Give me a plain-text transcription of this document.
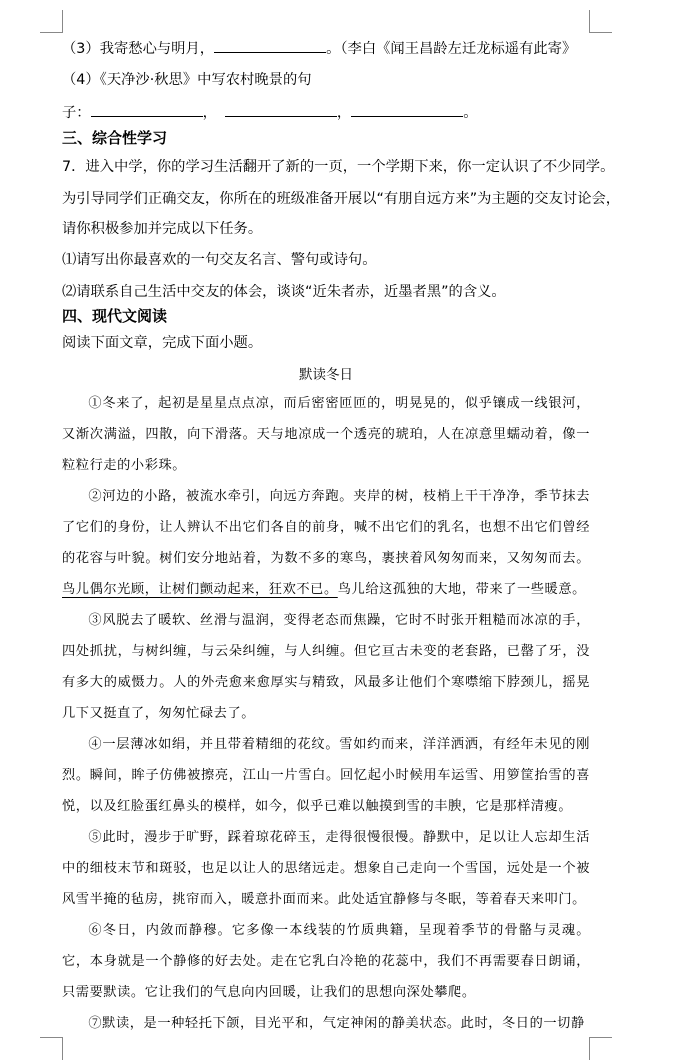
（3）我寄愁心与明月，	。（李白《闻王昌龄左迁龙标遥有此寄》
（4）《天净沙·秋思》中写农村晚景的句
子：	，	，	。
三、综合性学习
7．进入中学，你的学习生活翻开了新的一页，一个学期下来，你一定认识了不少同学。
为引导同学们正确交友，你所在的班级准备开展以“有朋自远方来”为主题的交友讨论会，
请你积极参加并完成以下任务。
⑴请写出你最喜欢的一句交友名言、警句或诗句。
⑵请联系自己生活中交友的体会，谈谈“近朱者赤，近墨者黑”的含义。
四、现代文阅读
阅读下面文章，完成下面小题。
默读冬日
①冬来了，起初是星星点点凉，而后密密匝匝的，明晃晃的，似乎镶成一线银河，又渐次满溢，四散，向下滑落。天与地凉成一个透亮的琥珀，人在凉意里蠕动着，像一粒粒行走的小彩珠。
②河边的小路，被流水牵引，向远方奔跑。夹岸的树，枝梢上干干净净，季节抹去了它们的身份，让人辨认不出它们各自的前身，喊不出它们的乳名，也想不出它们曾经的花容与叶貌。树们安分地站着，为数不多的寒鸟，裹挟着风匆匆而来，又匆匆而去。鸟儿偶尔光顾，让树们颤动起来，狂欢不已。鸟儿给这孤独的大地，带来了一些暖意。
③风脱去了暖软、丝滑与温润，变得老态而焦躁，它时不时张开粗糙而冰凉的手，四处抓扰，与树纠缠，与云朵纠缠，与人纠缠。但它亘古未变的老套路，已罄了牙，没有多大的威慑力。人的外壳愈来愈厚实与精致，风最多让他们个寒噤缩下脖颈儿，摇晃几下又挺直了，匆匆忙碌去了。
④一层薄冰如绢，并且带着精细的花纹。雪如约而来，洋洋洒洒，有经年未见的刚烈。瞬间，眸子仿佛被擦亮，江山一片雪白。回忆起小时候用车运雪、用箩筐抬雪的喜悦，以及红脸蛋红鼻头的模样，如今，似乎已难以触摸到雪的丰腴，它是那样清瘦。
⑤此时，漫步于旷野，踩着琼花碎玉，走得很慢很慢。静默中，足以让人忘却生活中的细枝末节和斑驳，也足以让人的思绪远走。想象自己走向一个雪国，远处是一个被风雪半掩的毡房，挑帘而入，暖意扑面而来。此处适宜静修与冬眠，等着春天来叩门。
⑥冬日，内敛而静穆。它多像一本线装的竹质典籍，呈现着季节的骨骼与灵魂。它，本身就是一个静修的好去处。走在它乳白冷艳的花蕊中，我们不再需要春日朗诵，只需要默读。它让我们的气息向内回暖，让我们的思想向深处攀爬。
⑦默读，是一种轻托下颌，目光平和，气定神闲的静美状态。此时，冬日的一切静
